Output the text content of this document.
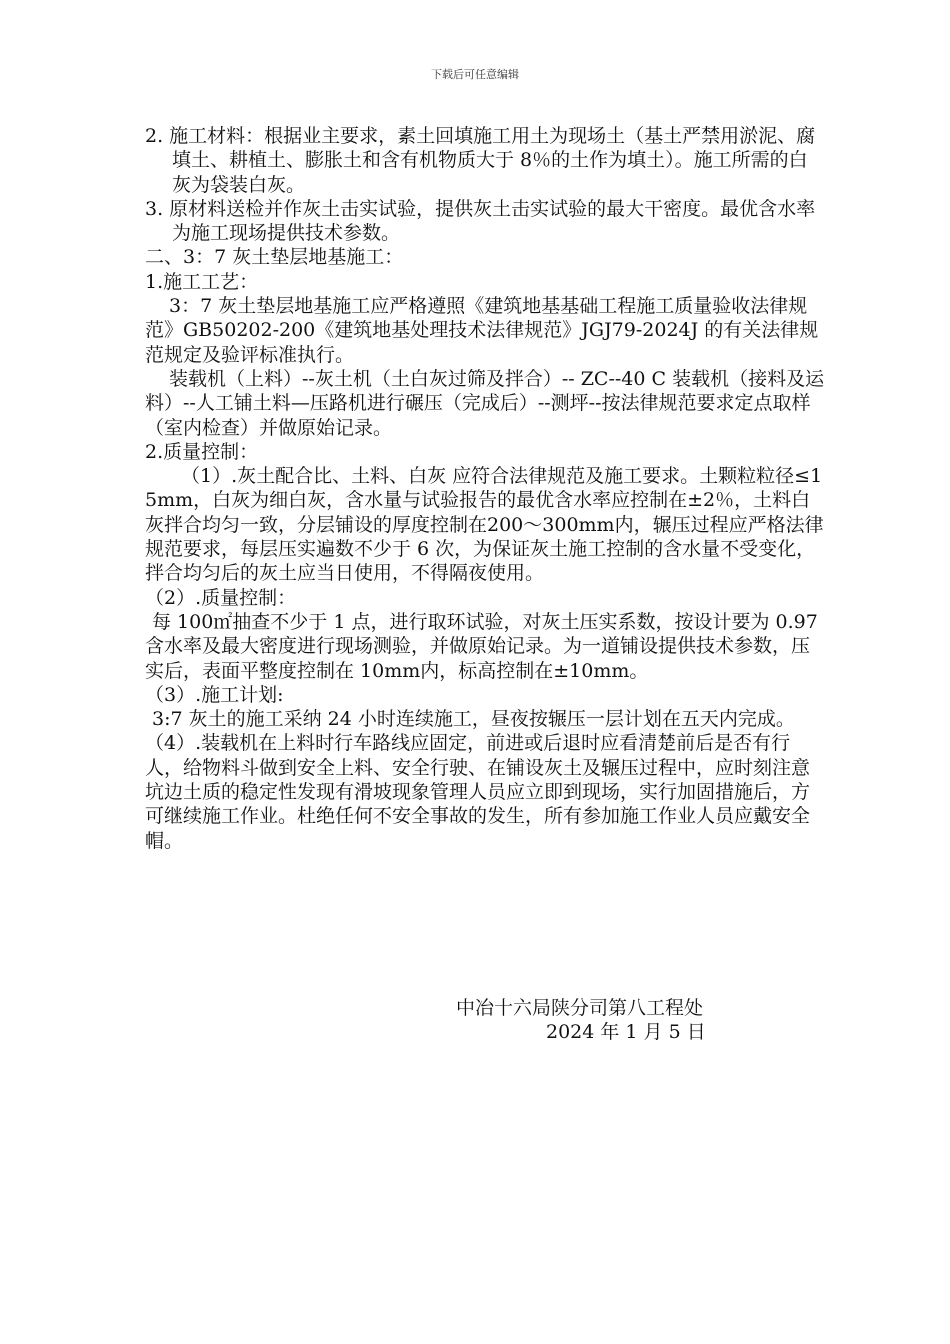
下载后可任意编辑

2. 施工材料：根据业主要求，素土回填施工用土为现场土（基土严禁用淤泥、腐填土、耕植土、膨胀土和含有机物质大于 8％的土作为填土）。施工所需的白灰为袋装白灰。

3. 原材料送检并作灰土击实试验，提供灰土击实试验的最大干密度。最优含水率为施工现场提供技术参数。

二、3：7 灰土垫层地基施工：

1.施工工艺：

3：7 灰土垫层地基施工应严格遵照《建筑地基基础工程施工质量验收法律规范》GB50202-200《建筑地基处理技术法律规范》JGJ79-2024J 的有关法律规范规定及验评标准执行。

装载机（上料）--灰土机（土白灰过筛及拌合）-- ZC--40 C 装载机（接料及运料）--人工铺土料—压路机进行碾压（完成后）--测坪--按法律规范要求定点取样（室内检查）并做原始记录。

2.质量控制：

（1）.灰土配合比、土料、白灰 应符合法律规范及施工要求。土颗粒粒径≤15mm，白灰为细白灰，含水量与试验报告的最优含水率应控制在±2％，土料白灰拌合均匀一致，分层铺设的厚度控制在200～300mm内，辗压过程应严格法律规范要求，每层压实遍数不少于 6 次，为保证灰土施工控制的含水量不受变化，拌合均匀后的灰土应当日使用，不得隔夜使用。

（2）.质量控制：

每 100㎡抽查不少于 1 点，进行取环试验，对灰土压实系数，按设计要为 0.97 含水率及最大密度进行现场测验，并做原始记录。为一道铺设提供技术参数，压实后，表面平整度控制在 10mm内，标高控制在±10mm。

（3）.施工计划:

3:7 灰土的施工采纳 24 小时连续施工，昼夜按辗压一层计划在五天内完成。

（4）.装载机在上料时行车路线应固定，前进或后退时应看清楚前后是否有行人，给物料斗做到安全上料、安全行驶、在铺设灰土及辗压过程中，应时刻注意坑边土质的稳定性发现有滑坡现象管理人员应立即到现场，实行加固措施后，方可继续施工作业。杜绝任何不安全事故的发生，所有参加施工作业人员应戴安全帽。

中冶十六局陕分司第八工程处
2024 年 1 月 5 日
